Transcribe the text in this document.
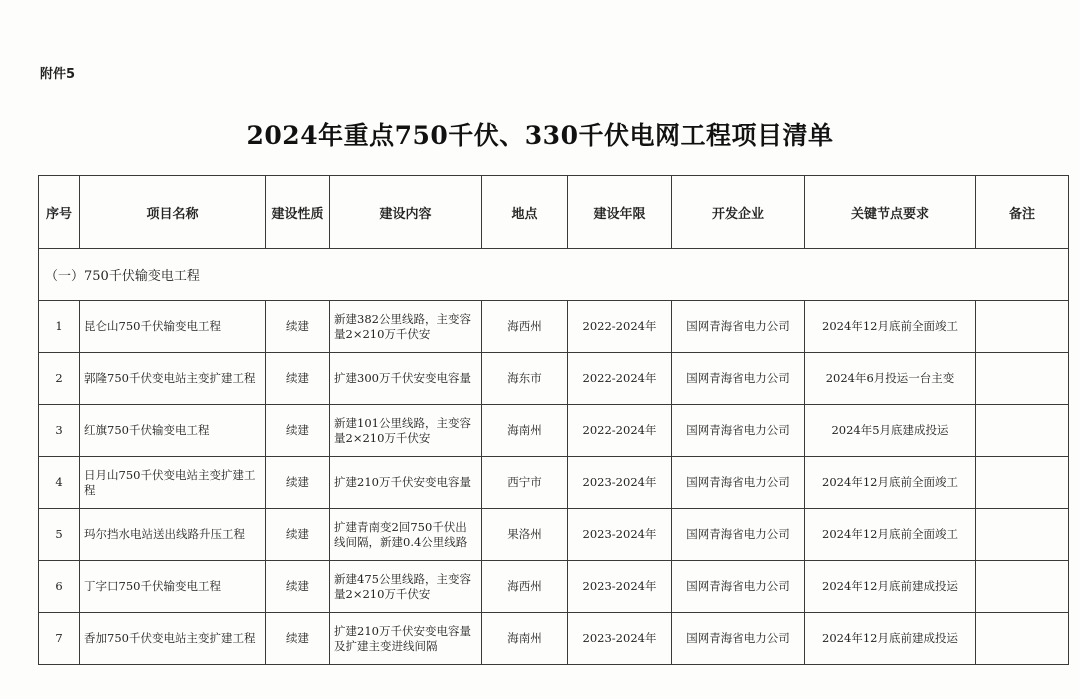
附件5
2024年重点750千伏、330千伏电网工程项目清单
序号	项目名称	建设性质	建设内容	地点	建设年限	开发企业	关键节点要求	备注
（一）750千伏输变电工程								
1	昆仑山750千伏输变电工程	续建	新建382公里线路，主变容量2×210万千伏安	海西州	2022-2024年	国网青海省电力公司	2024年12月底前全面竣工	
2	郭隆750千伏变电站主变扩建工程	续建	扩建300万千伏安变电容量	海东市	2022-2024年	国网青海省电力公司	2024年6月投运一台主变	
3	红旗750千伏输变电工程	续建	新建101公里线路，主变容量2×210万千伏安	海南州	2022-2024年	国网青海省电力公司	2024年5月底建成投运	
4	日月山750千伏变电站主变扩建工程	续建	扩建210万千伏安变电容量	西宁市	2023-2024年	国网青海省电力公司	2024年12月底前全面竣工	
5	玛尔挡水电站送出线路升压工程	续建	扩建青南变2回750千伏出线间隔，新建0.4公里线路	果洛州	2023-2024年	国网青海省电力公司	2024年12月底前全面竣工	
6	丁字口750千伏输变电工程	续建	新建475公里线路，主变容量2×210万千伏安	海西州	2023-2024年	国网青海省电力公司	2024年12月底前建成投运	
7	香加750千伏变电站主变扩建工程	续建	扩建210万千伏安变电容量及扩建主变进线间隔	海南州	2023-2024年	国网青海省电力公司	2024年12月底前建成投运	
